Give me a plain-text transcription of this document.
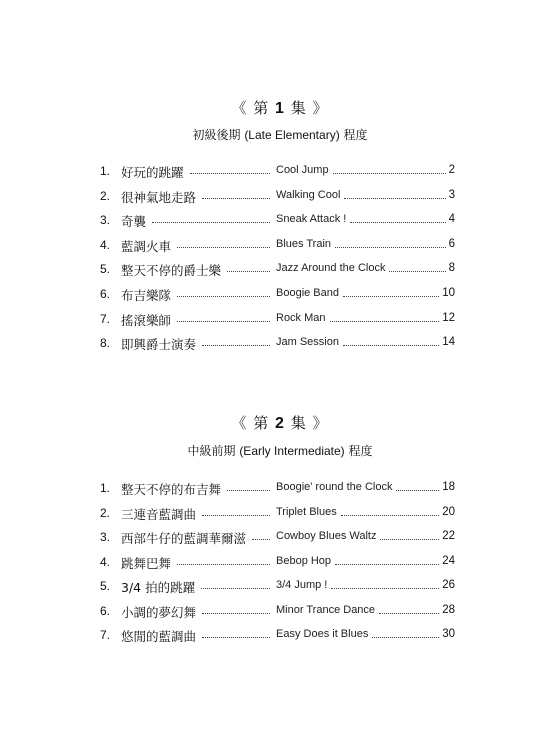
《 第 1 集 》
初級後期 (Late Elementary) 程度
1. 好玩的跳躍	Cool Jump	2
2. 很神氣地走路	Walking Cool	3
3. 奇襲	Sneak Attack !	4
4. 藍調火車	Blues Train	6
5. 整天不停的爵士樂	Jazz Around the Clock	8
6. 布吉樂隊	Boogie Band	10
7. 搖滾樂師	Rock Man	12
8. 即興爵士演奏	Jam Session	14
《 第 2 集 》
中級前期 (Early Intermediate) 程度
1. 整天不停的布吉舞	Boogie' round the Clock	18
2. 三連音藍調曲	Triplet Blues	20
3. 西部牛仔的藍調華爾滋	Cowboy Blues Waltz	22
4. 跳舞巴舞	Bebop Hop	24
5. 3/4 拍的跳躍	3/4 Jump !	26
6. 小調的夢幻舞	Minor Trance Dance	28
7. 悠閒的藍調曲	Easy Does it Blues	30
